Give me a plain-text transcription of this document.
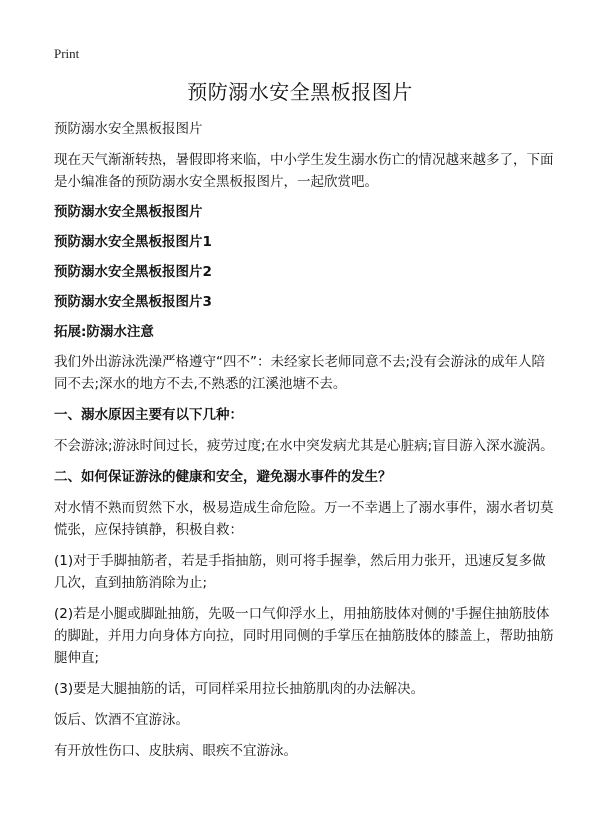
Print
预防溺水安全黑板报图片

预防溺水安全黑板报图片

现在天气渐渐转热，暑假即将来临，中小学生发生溺水伤亡的情况越来越多了，下面是小编准备的预防溺水安全黑板报图片，一起欣赏吧。

预防溺水安全黑板报图片

预防溺水安全黑板报图片1

预防溺水安全黑板报图片2

预防溺水安全黑板报图片3

拓展:防溺水注意

我们外出游泳洗澡严格遵守“四不”：未经家长老师同意不去;没有会游泳的成年人陪同不去;深水的地方不去,不熟悉的江溪池塘不去。

一、溺水原因主要有以下几种：

不会游泳;游泳时间过长，疲劳过度;在水中突发病尤其是心脏病;盲目游入深水漩涡。

二、如何保证游泳的健康和安全，避免溺水事件的发生？

对水情不熟而贸然下水，极易造成生命危险。万一不幸遇上了溺水事件，溺水者切莫慌张，应保持镇静，积极自救：

(1)对于手脚抽筋者，若是手指抽筋，则可将手握拳，然后用力张开，迅速反复多做几次，直到抽筋消除为止;

(2)若是小腿或脚趾抽筋，先吸一口气仰浮水上，用抽筋肢体对侧的'手握住抽筋肢体的脚趾，并用力向身体方向拉，同时用同侧的手掌压在抽筋肢体的膝盖上，帮助抽筋腿伸直;

(3)要是大腿抽筋的话，可同样采用拉长抽筋肌肉的办法解决。

饭后、饮酒不宜游泳。

有开放性伤口、皮肤病、眼疾不宜游泳。
